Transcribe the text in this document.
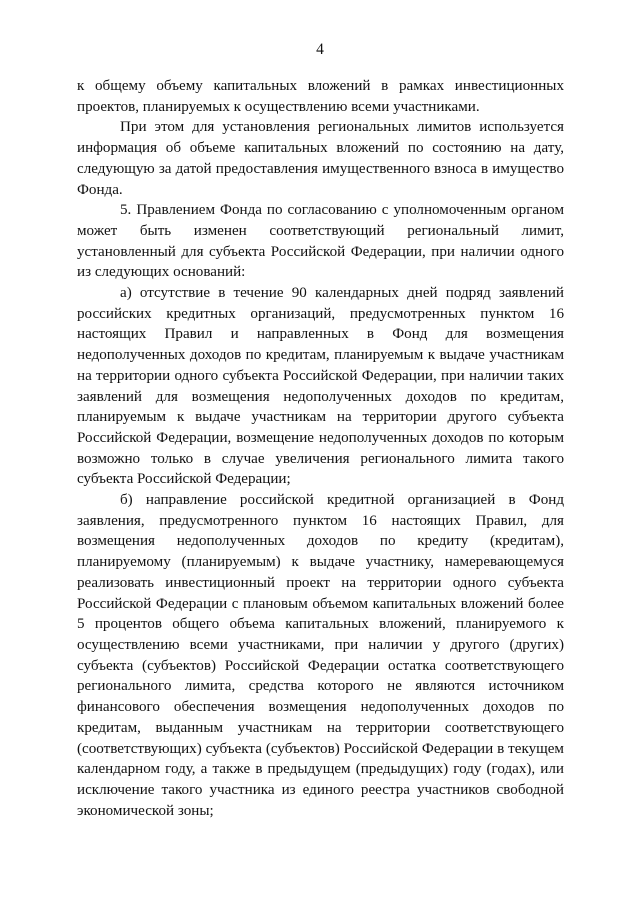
4

к общему объему капитальных вложений в рамках инвестиционных проектов, планируемых к осуществлению всеми участниками.

При этом для установления региональных лимитов используется информация об объеме капитальных вложений по состоянию на дату, следующую за датой предоставления имущественного взноса в имущество Фонда.

5. Правлением Фонда по согласованию с уполномоченным органом может быть изменен соответствующий региональный лимит, установленный для субъекта Российской Федерации, при наличии одного из следующих оснований:

а) отсутствие в течение 90 календарных дней подряд заявлений российских кредитных организаций, предусмотренных пунктом 16 настоящих Правил и направленных в Фонд для возмещения недополученных доходов по кредитам, планируемым к выдаче участникам на территории одного субъекта Российской Федерации, при наличии таких заявлений для возмещения недополученных доходов по кредитам, планируемым к выдаче участникам на территории другого субъекта Российской Федерации, возмещение недополученных доходов по которым возможно только в случае увеличения регионального лимита такого субъекта Российской Федерации;

б) направление российской кредитной организацией в Фонд заявления, предусмотренного пунктом 16 настоящих Правил, для возмещения недополученных доходов по кредиту (кредитам), планируемому (планируемым) к выдаче участнику, намеревающемуся реализовать инвестиционный проект на территории одного субъекта Российской Федерации с плановым объемом капитальных вложений более 5 процентов общего объема капитальных вложений, планируемого к осуществлению всеми участниками, при наличии у другого (других) субъекта (субъектов) Российской Федерации остатка соответствующего регионального лимита, средства которого не являются источником финансового обеспечения возмещения недополученных доходов по кредитам, выданным участникам на территории соответствующего (соответствующих) субъекта (субъектов) Российской Федерации в текущем календарном году, а также в предыдущем (предыдущих) году (годах), или исключение такого участника из единого реестра участников свободной экономической зоны;
